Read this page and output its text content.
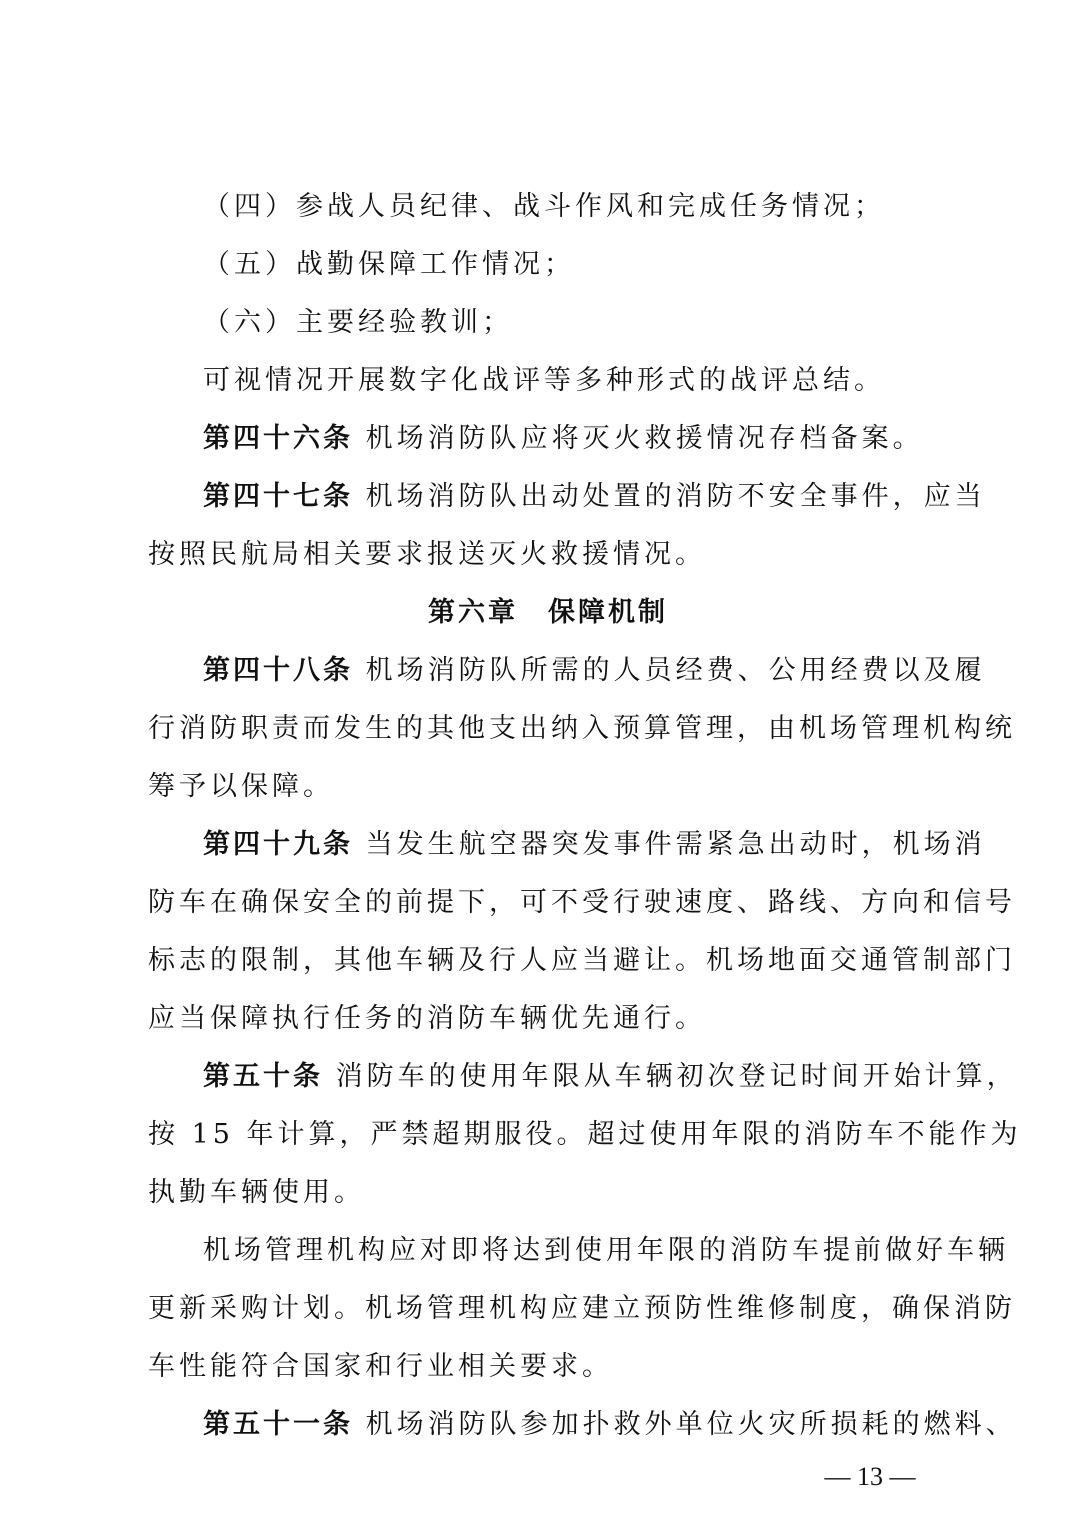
（四）参战人员纪律、战斗作风和完成任务情况；
（五）战勤保障工作情况；
（六）主要经验教训；
可视情况开展数字化战评等多种形式的战评总结。
第四十六条 机场消防队应将灭火救援情况存档备案。
第四十七条 机场消防队出动处置的消防不安全事件，应当
按照民航局相关要求报送灭火救援情况。
第六章　保障机制
第四十八条 机场消防队所需的人员经费、公用经费以及履
行消防职责而发生的其他支出纳入预算管理，由机场管理机构统
筹予以保障。
第四十九条 当发生航空器突发事件需紧急出动时，机场消
防车在确保安全的前提下，可不受行驶速度、路线、方向和信号
标志的限制，其他车辆及行人应当避让。机场地面交通管制部门
应当保障执行任务的消防车辆优先通行。
第五十条 消防车的使用年限从车辆初次登记时间开始计算，
按 15 年计算，严禁超期服役。超过使用年限的消防车不能作为
执勤车辆使用。
机场管理机构应对即将达到使用年限的消防车提前做好车辆
更新采购计划。机场管理机构应建立预防性维修制度，确保消防
车性能符合国家和行业相关要求。
第五十一条 机场消防队参加扑救外单位火灾所损耗的燃料、
— 13 —
